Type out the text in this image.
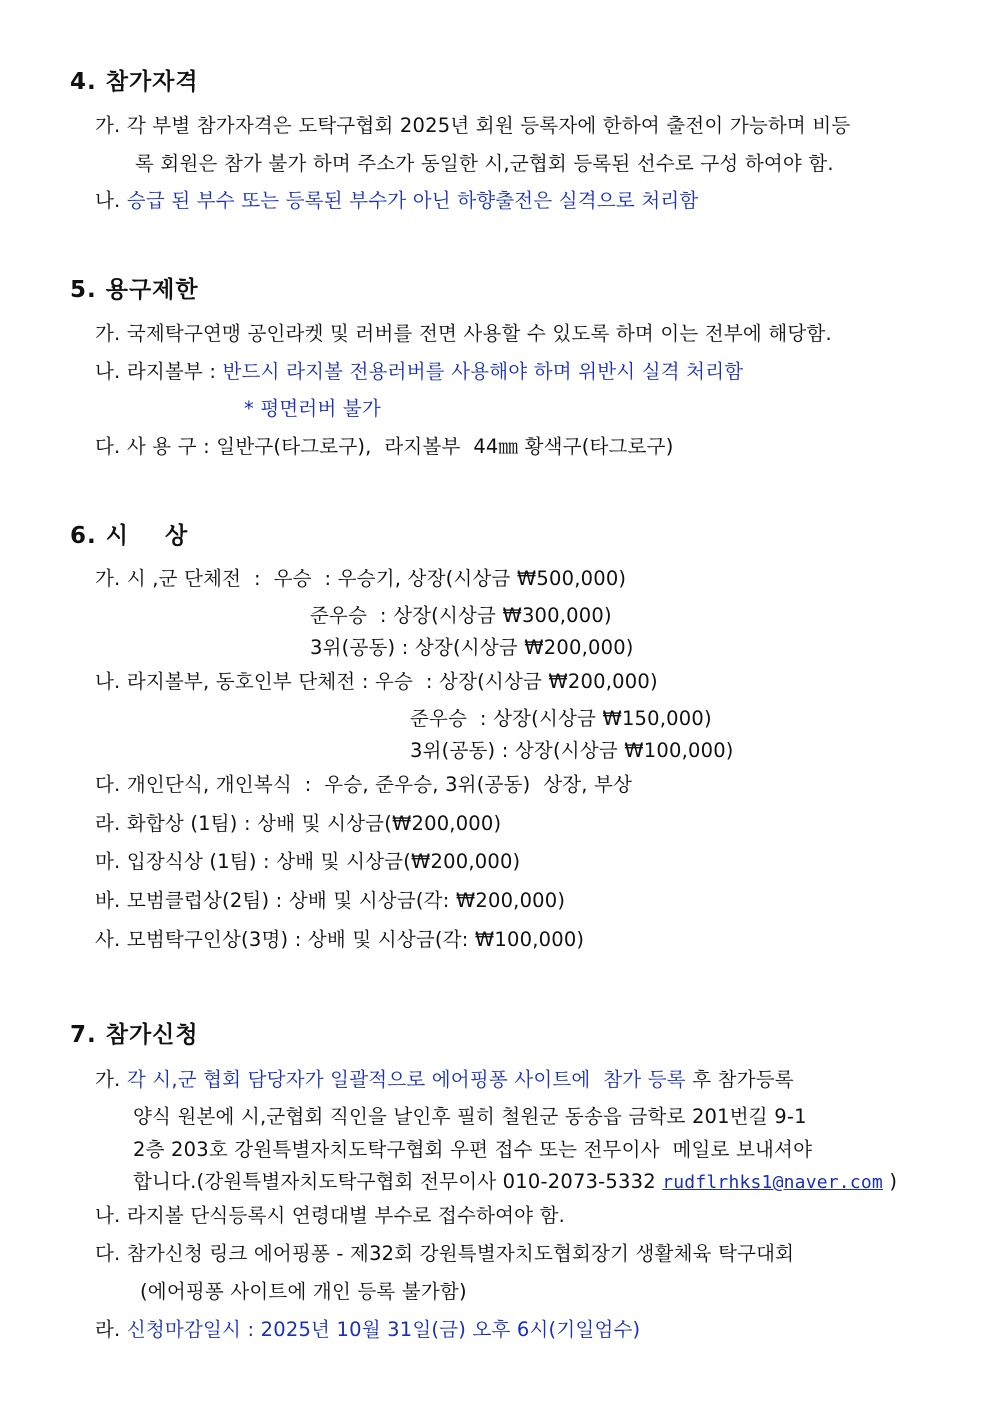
4. 참가자격
가. 각 부별 참가자격은 도탁구협회 2025년 회원 등록자에 한하여 출전이 가능하며 비등
록 회원은 참가 불가 하며 주소가 동일한 시,군협회 등록된 선수로 구성 하여야 함.
나. 승급 된 부수 또는 등록된 부수가 아닌 하향출전은 실격으로 처리함
5. 용구제한
가. 국제탁구연맹 공인라켓 및 러버를 전면 사용할 수 있도록 하며 이는 전부에 해당함.
나. 라지볼부 : 반드시 라지볼 전용러버를 사용해야 하며 위반시 실격 처리함
* 평면러버 불가
다. 사 용 구 : 일반구(타그로구),  라지볼부  44㎜ 황색구(타그로구)
6. 시    상
가. 시 ,군 단체전  :  우승  : 우승기, 상장(시상금 ₩500,000)
준우승  : 상장(시상금 ₩300,000)
3위(공동) : 상장(시상금 ₩200,000)
나. 라지볼부, 동호인부 단체전 : 우승  : 상장(시상금 ₩200,000)
준우승  : 상장(시상금 ₩150,000)
3위(공동) : 상장(시상금 ₩100,000)
다. 개인단식, 개인복식  :  우승, 준우승, 3위(공동)  상장, 부상
라. 화합상 (1팀) : 상배 및 시상금(₩200,000)
마. 입장식상 (1팀) : 상배 및 시상금(₩200,000)
바. 모범클럽상(2팀) : 상배 및 시상금(각: ₩200,000)
사. 모범탁구인상(3명) : 상배 및 시상금(각: ₩100,000)
7. 참가신청
가. 각 시,군 협회 담당자가 일괄적으로 에어핑퐁 사이트에  참가 등록 후 참가등록
양식 원본에 시,군협회 직인을 날인후 필히 철원군 동송읍 금학로 201번길 9-1
2층 203호 강원특별자치도탁구협회 우편 접수 또는 전무이사  메일로 보내셔야
합니다.(강원특별자치도탁구협회 전무이사 010-2073-5332 rudflrhks1@naver.com )
나. 라지볼 단식등록시 연령대별 부수로 접수하여야 함.
다. 참가신청 링크 에어핑퐁 - 제32회 강원특별자치도협회장기 생활체육 탁구대회
(에어핑퐁 사이트에 개인 등록 불가함)
라. 신청마감일시 : 2025년 10월 31일(금) 오후 6시(기일엄수)
